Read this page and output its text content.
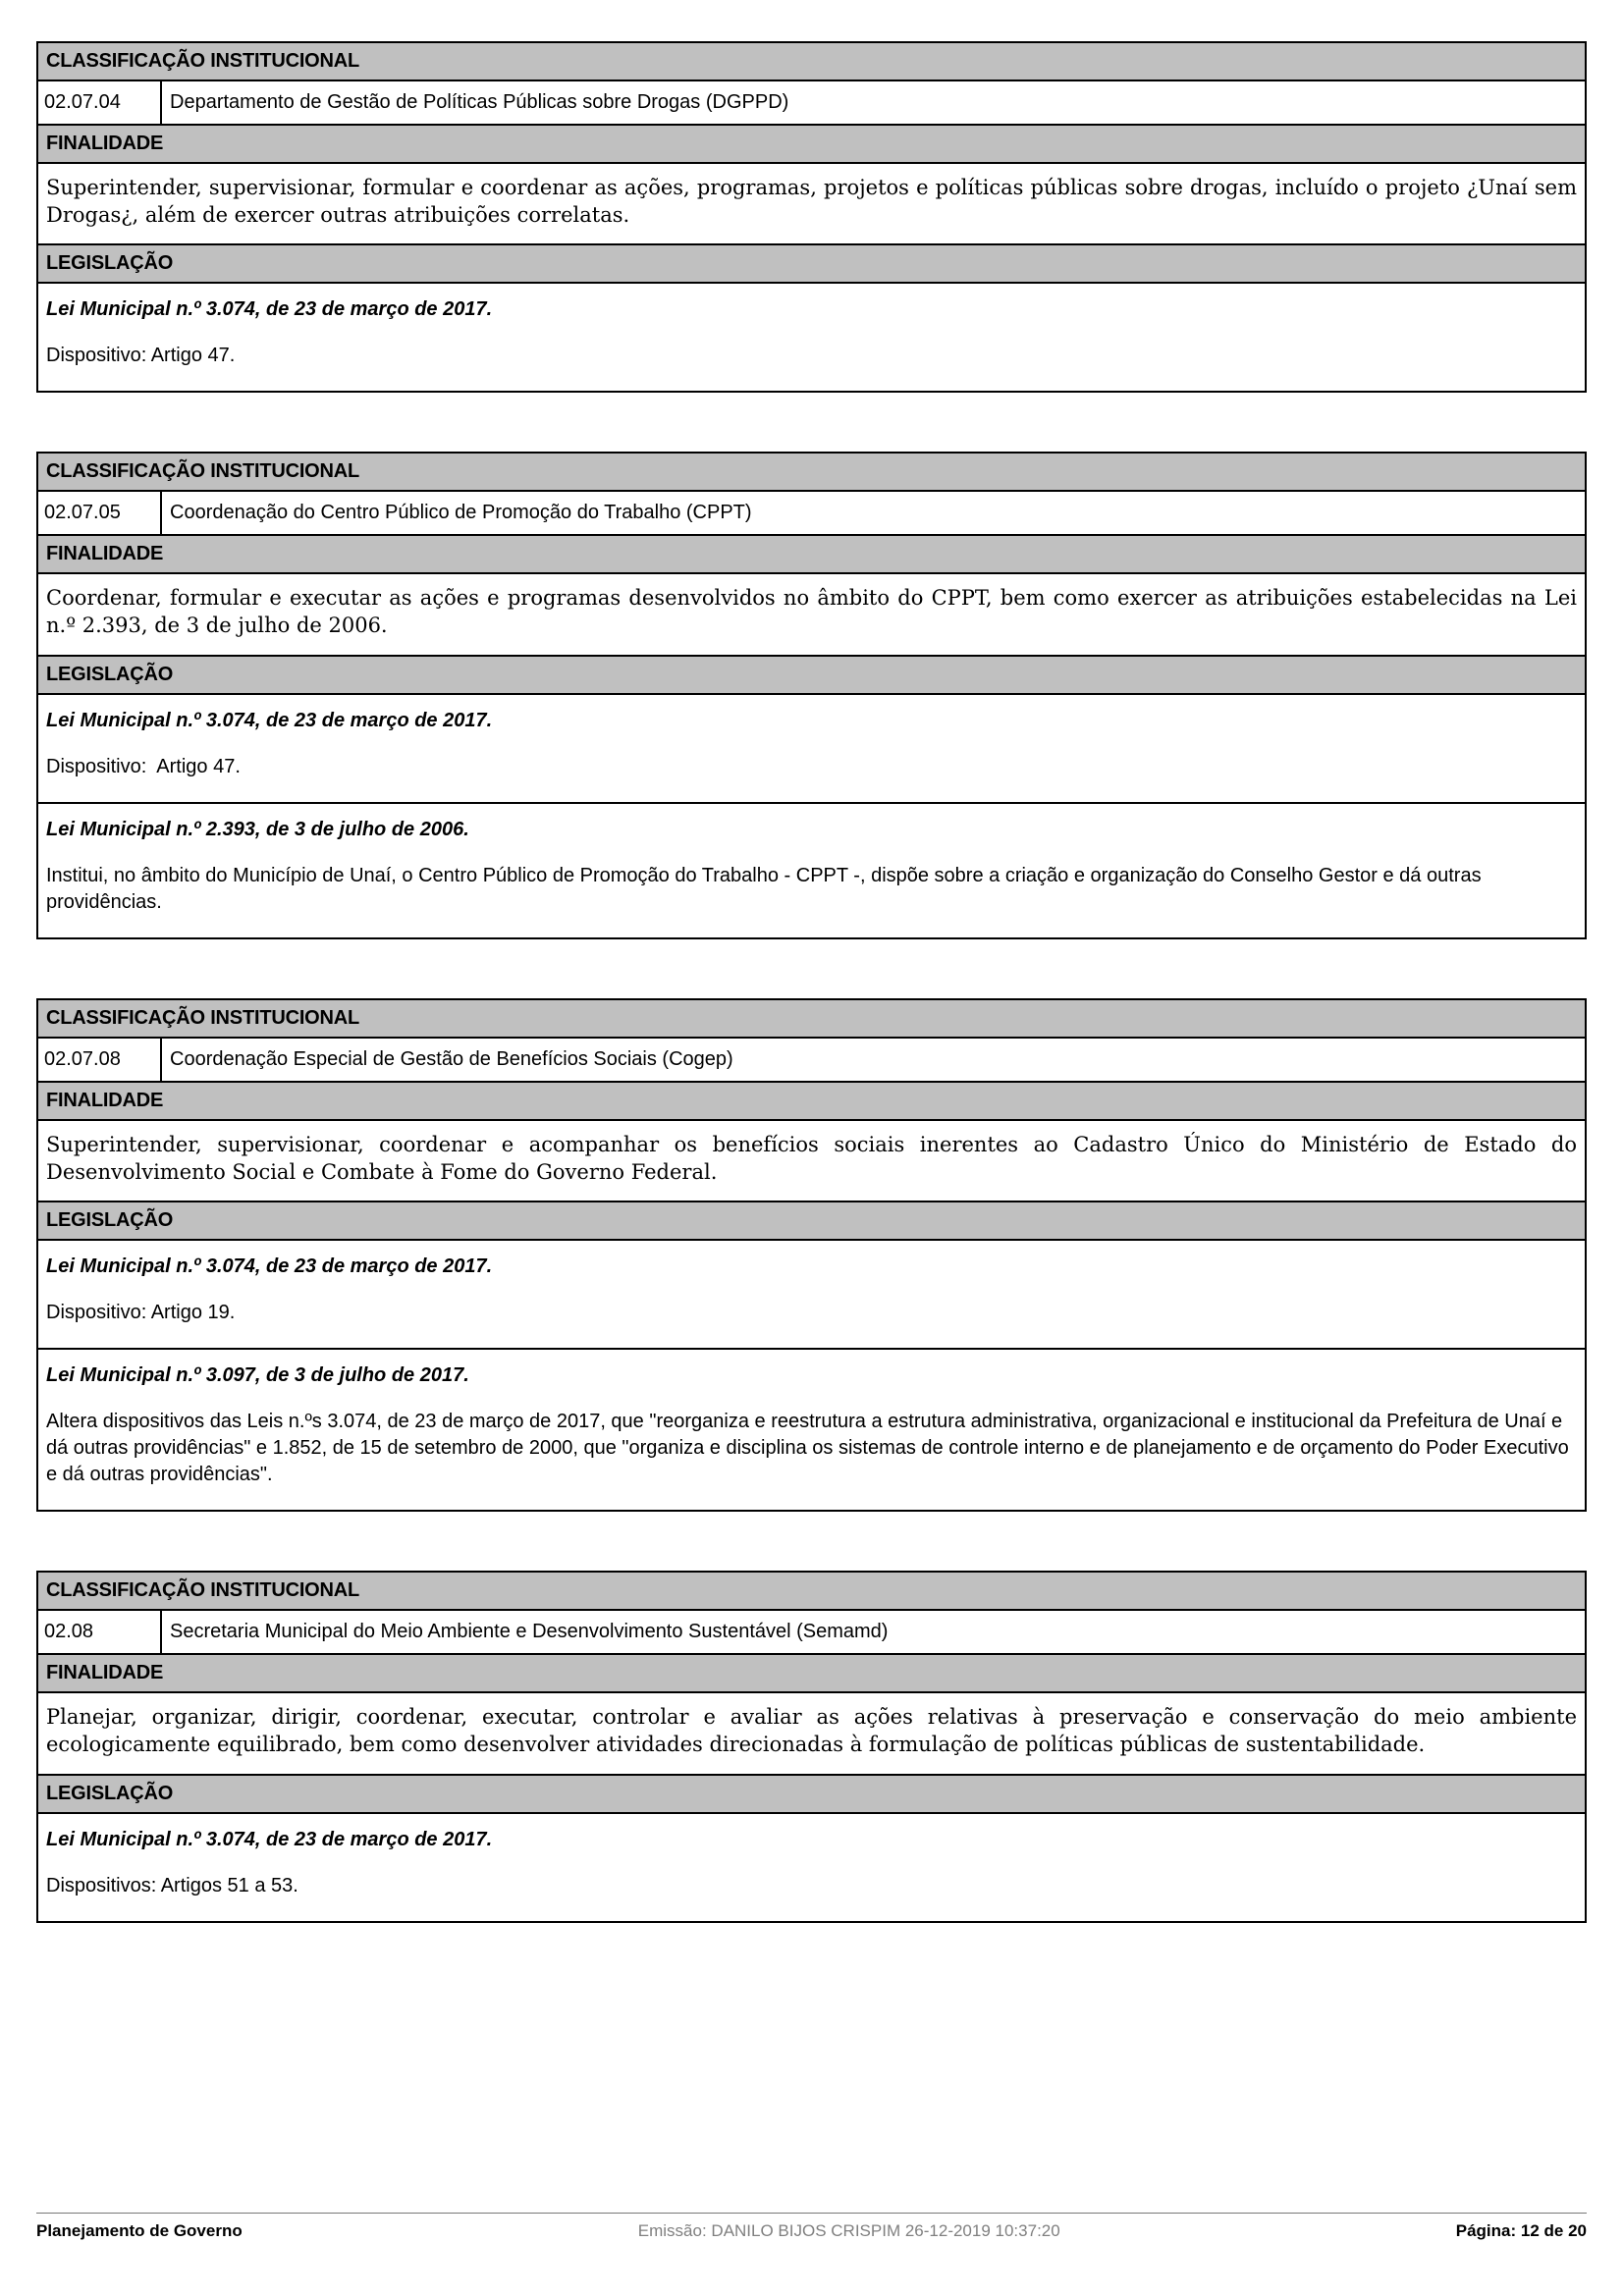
CLASSIFICAÇÃO INSTITUCIONAL
02.07.04	Departamento de Gestão de Políticas Públicas sobre Drogas (DGPPD)
FINALIDADE
Superintender, supervisionar, formular e coordenar as ações, programas, projetos e políticas públicas sobre drogas, incluído o projeto ¿Unaí sem Drogas¿, além de exercer outras atribuições correlatas.
LEGISLAÇÃO

Lei Municipal n.º 3.074, de 23 de março de 2017.

Dispositivo: Artigo 47.

CLASSIFICAÇÃO INSTITUCIONAL
02.07.05	Coordenação do Centro Público de Promoção do Trabalho (CPPT)
FINALIDADE
Coordenar, formular e executar as ações e programas desenvolvidos no âmbito do CPPT, bem como exercer as atribuições estabelecidas na Lei n.º 2.393, de 3 de julho de 2006.
LEGISLAÇÃO

Lei Municipal n.º 3.074, de 23 de março de 2017.

Dispositivo:  Artigo 47.

Lei Municipal n.º 2.393, de 3 de julho de 2006.

Institui, no âmbito do Município de Unaí, o Centro Público de Promoção do Trabalho - CPPT -, dispõe sobre a criação e organização do Conselho Gestor e dá outras providências.

CLASSIFICAÇÃO INSTITUCIONAL
02.07.08	Coordenação Especial de Gestão de Benefícios Sociais (Cogep)
FINALIDADE
Superintender, supervisionar, coordenar e acompanhar os benefícios sociais inerentes ao Cadastro Único do Ministério de Estado do Desenvolvimento Social e Combate à Fome do Governo Federal.
LEGISLAÇÃO

Lei Municipal n.º 3.074, de 23 de março de 2017.

Dispositivo: Artigo 19.

Lei Municipal n.º 3.097, de 3 de julho de 2017.

Altera dispositivos das Leis n.ºs 3.074, de 23 de março de 2017, que "reorganiza e reestrutura a estrutura administrativa, organizacional e institucional da Prefeitura de Unaí e dá outras providências" e 1.852, de 15 de setembro de 2000, que "organiza e disciplina os sistemas de controle interno e de planejamento e de orçamento do Poder Executivo e dá outras providências".

CLASSIFICAÇÃO INSTITUCIONAL
02.08	Secretaria Municipal do Meio Ambiente e Desenvolvimento Sustentável (Semamd)
FINALIDADE
Planejar, organizar, dirigir, coordenar, executar, controlar e avaliar as ações relativas à preservação e conservação do meio ambiente ecologicamente equilibrado, bem como desenvolver atividades direcionadas à formulação de políticas públicas de sustentabilidade.
LEGISLAÇÃO

Lei Municipal n.º 3.074, de 23 de março de 2017.

Dispositivos: Artigos 51 a 53.

Planejamento de Governo	Emissão: DANILO BIJOS CRISPIM 26-12-2019 10:37:20	Página: 12 de 20
